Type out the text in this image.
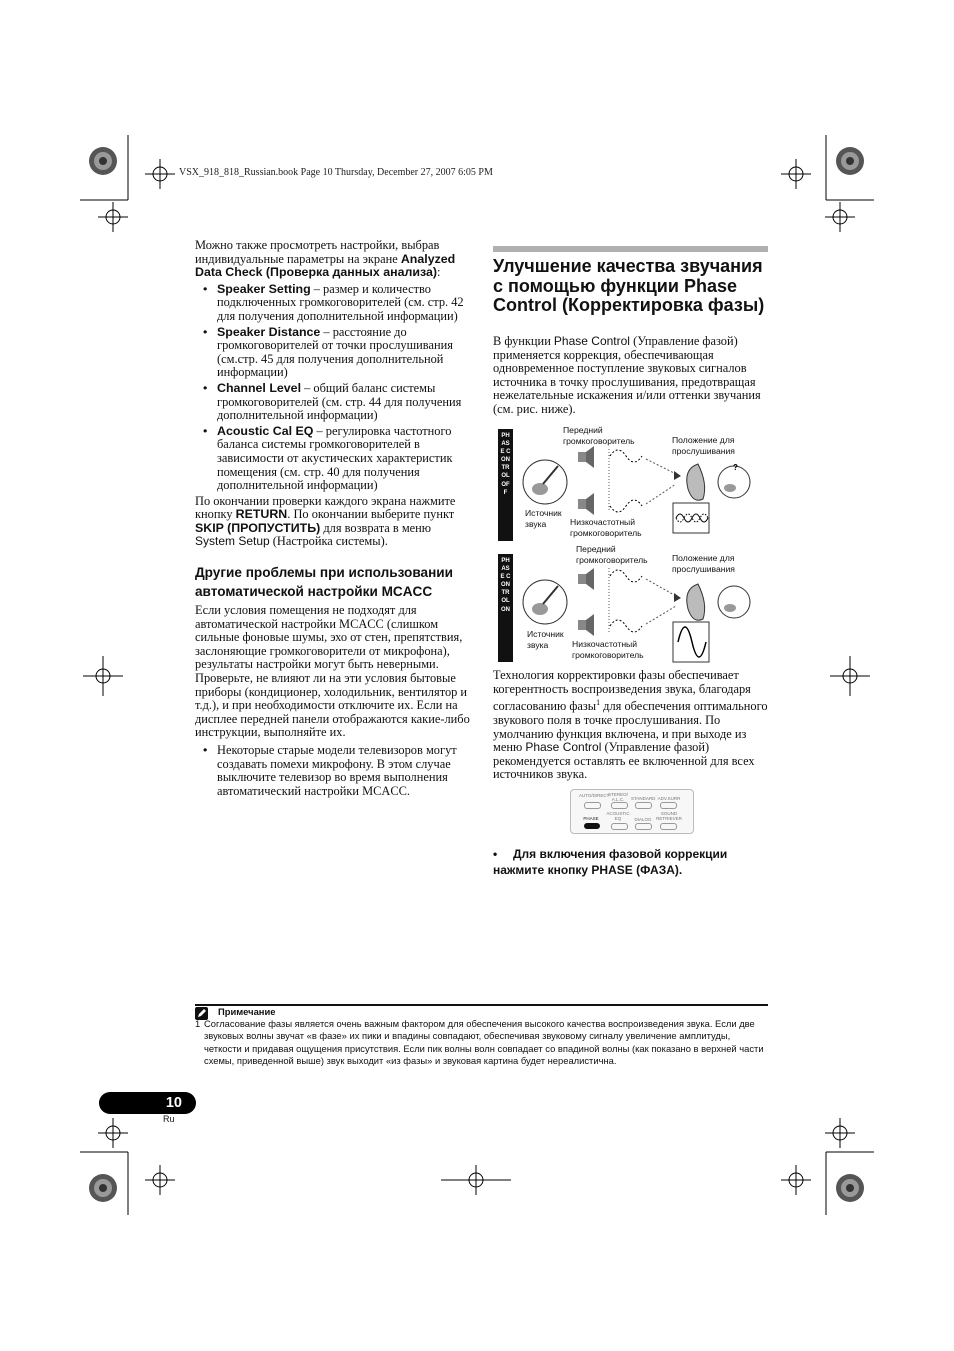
VSX_918_818_Russian.book Page 10 Thursday, December 27, 2007 6:05 PM
Можно также просмотреть настройки, выбрав индивидуальные параметры на экране Analyzed Data Check (Проверка данных анализа):
• Speaker Setting – размер и количество подключенных громкоговорителей (см. стр. 42 для получения дополнительной информации)
• Speaker Distance – расстояние до громкоговорителей от точки прослушивания (см.стр. 45 для получения дополнительной информации)
• Channel Level – общий баланс системы громкоговорителей (см. стр. 44 для получения дополнительной информации)
• Acoustic Cal EQ – регулировка частотного баланса системы громкоговорителей в зависимости от акустических характеристик помещения (см. стр. 40 для получения дополнительной информации)
По окончании проверки каждого экрана нажмите кнопку RETURN. По окончании выберите пункт SKIP (ПРОПУСТИТЬ) для возврата в меню System Setup (Настройка системы).
Другие проблемы при использовании автоматической настройки MCACC
Если условия помещения не подходят для автоматической настройки MCACC (слишком сильные фоновые шумы, эхо от стен, препятствия, заслоняющие громкоговорители от микрофона), результаты настройки могут быть неверными. Проверьте, не влияют ли на эти условия бытовые приборы (кондиционер, холодильник, вентилятор и т.д.), и при необходимости отключите их. Если на дисплее передней панели отображаются какие-либо инструкции, выполняйте их.
• Некоторые старые модели телевизоров могут создавать помехи микрофону. В этом случае выключите телевизор во время выполнения автоматический настройки MCACC.
Улучшение качества звучания с помощью функции Phase Control (Корректировка фазы)
В функции Phase Control (Управление фазой) применяется коррекция, обеспечивающая одновременное поступление звуковых сигналов источника в точку прослушивания, предотвращая нежелательные искажения и/или оттенки звучания (см. рис. ниже).
PHASE CONTROL OFF
PHASE CONTROL ON
?
Передний громкоговоритель	Положение для прослушивания
Источник звука	Низкочастотный громкоговоритель
Передний громкоговоритель	Положение для прослушивания
Источник звука	Низкочастотный громкоговоритель
Технология корректировки фазы обеспечивает когерентность воспроизведения звука, благодаря согласованию фазы$^1$ для обеспечения оптимального звукового поля в точке прослушивания. По умолчанию функция включена, и при выходе из меню Phase Control (Управление фазой) рекомендуется оставлять ее включенной для всех источников звука.
AUTO/DIRECT
STEREO/ A.L.C.	STANDARD ADV.SURR
PHASE
ACOUSTIC EQ	DIALOG
SOUND RETRIEVER
• Для включения фазовой коррекции нажмите кнопку PHASE (ФАЗА).
Примечание
1 Согласование фазы является очень важным фактором для обеспечения высокого качества воспроизведения звука. Если две звуковых волны звучат «в фазе» их пики и впадины совпадают, обеспечивая звуковому сигналу увеличение амплитуды, четкости и придавая ощущения присутствия. Если пик волны волн совпадает со впадиной волны (как показано в верхней части схемы, приведенной выше) звук выходит «из фазы» и звуковая картина будет нереалистична.
10
Ru
